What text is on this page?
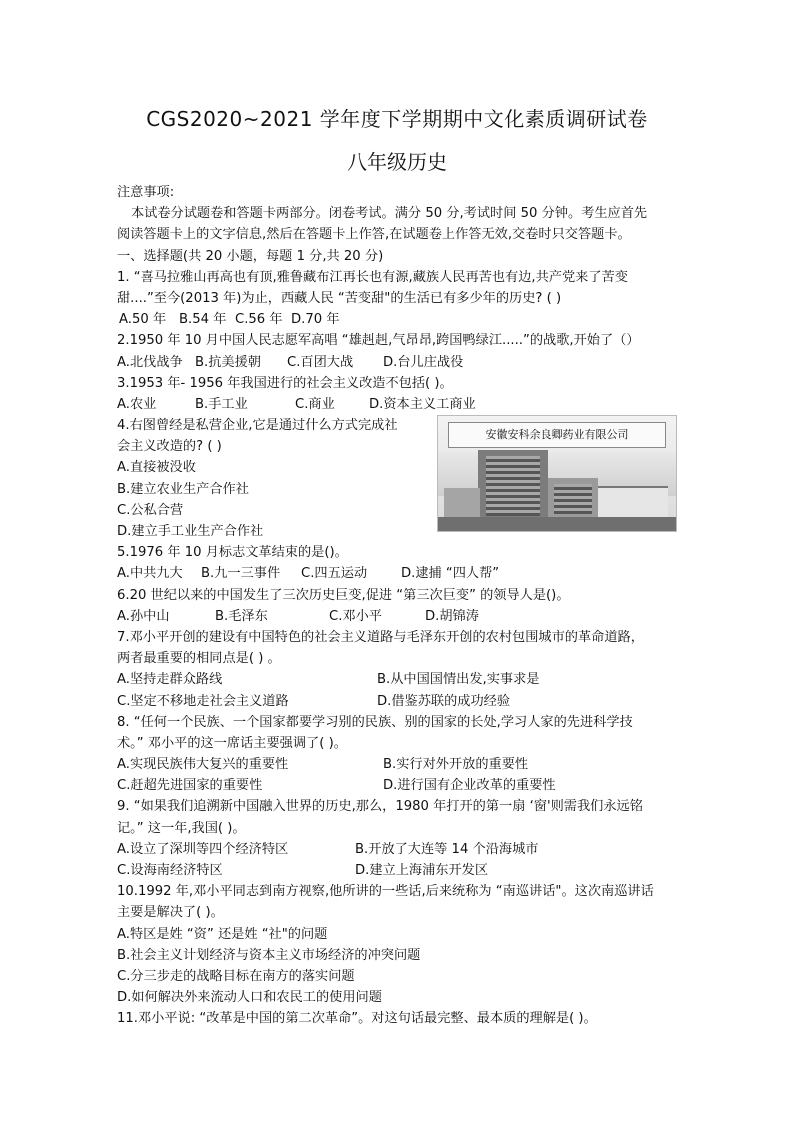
CGS2020~2021 学年度下学期期中文化素质调研试卷
八年级历史
注意事项:
本试卷分试题卷和答题卡两部分。闭卷考试。满分 50 分,考试时间 50 分钟。考生应首先
阅读答题卡上的文字信息,然后在答题卡上作答,在试题卷上作答无效,交卷时只交答题卡。
一、选择题(共 20 小题，每题 1 分,共 20 分)
1. “喜马拉雅山再高也有顶,雅鲁藏布江再长也有源,藏族人民再苦也有边,共产党来了苦变
甜....”至今(2013 年)为止，西藏人民 “苦变甜"的生活已有多少年的历史? ( )
A.50 年 B.54 年 C.56 年 D.70 年
2.1950 年 10 月中国人民志愿军高唱 “雄赳赳,气昂昂,跨国鸭绿江.....”的战歌,开始了（）
A.北伐战争 B.抗美援朝	C.百团大战	D.台儿庄战役
3.1953 年- 1956 年我国进行的社会主义改造不包括( )。
A.农业	B.手工业	C.商业	D.资本主义工商业
4.右图曾经是私营企业,它是通过什么方式完成社
会主义改造的? ( )
A.直接被没收
B.建立农业生产合作社
C.公私合营
D.建立手工业生产合作社
安徽安科余良卿药业有限公司
5.1976 年 10 月标志文革结束的是()。
A.中共九大	B.九一三事件	C.四五运动	D.逮捕 “四人帮”
6.20 世纪以来的中国发生了三次历史巨变,促进 “第三次巨变” 的领导人是()。
A.孙中山	B.毛泽东	C.邓小平	D.胡锦涛
7.邓小平开创的建设有中国特色的社会主义道路与毛泽东开创的农村包围城市的革命道路，
两者最重要的相同点是( ) 。
A.坚持走群众路线	B.从中国国情出发,实事求是
C.坚定不移地走社会主义道路	D.借鉴苏联的成功经验
8. “任何一个民族、一个国家都要学习别的民族、别的国家的长处,学习人家的先进科学技
术。” 邓小平的这一席话主要强调了( )。
A.实现民族伟大复兴的重要性	B.实行对外开放的重要性
C.赶超先进国家的重要性	D.进行国有企业改革的重要性
9. “如果我们追溯新中国融入世界的历史,那么，1980 年打开的第一扇 ‘窗'则需我们永远铭
记。” 这一年,我国( )。
A.设立了深圳等四个经济特区	B.开放了大连等 14 个沿海城市
C.设海南经济特区	D.建立上海浦东开发区
10.1992 年,邓小平同志到南方视察,他所讲的一些话,后来统称为 “南巡讲话"。这次南巡讲话
主要是解决了( )。
A.特区是姓 “资” 还是姓 “社"的问题
B.社会主义计划经济与资本主义市场经济的冲突问题
C.分三步走的战略目标在南方的落实问题
D.如何解决外来流动人口和农民工的使用问题
11.邓小平说: “改革是中国的第二次革命”。对这句话最完整、最本质的理解是( )。
